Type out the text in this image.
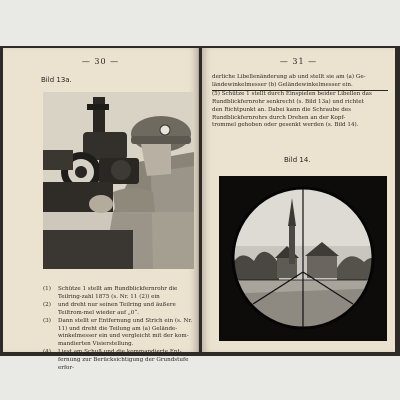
— 30 —
Bild 13a.
(1)	Schütze 1 stellt am Rundblickfernrohr die Teilring-zahl 1875 (s. Nr. 11 (2)) ein
(2)	und dreht nur seinen Teilring und äußere Teiltrom-mel wieder auf „0“.
(3)	Dann stellt er Entfernung und Strich ein (s. Nr. 11) und dreht die Teilung am (a) Gelände-winkelmesser ein und vergleicht mit der kom-mandierten Visierstellung.
(4)	Liest am Schuß und die kommandierte Ent-fernung zur Berücksichtigung der Grundstufe erfor-
— 31 —
derliche Libellenänderung ab und stellt sie am (a) Ge-
ländewinkelmesser (b) Geländewinkelmesser ein.
(5) Schütze 1 stellt durch Einspielen beider Libellen das
Rundblickfernrohr senkrecht (s. Bild 13a) und richtet
den Richtpunkt an. Dabei kann die Schraube des
Rundblickfernrohrs durch Drehen an der Kopf-
trommel gehoben oder gesenkt werden (s. Bild 14).
Bild 14.
